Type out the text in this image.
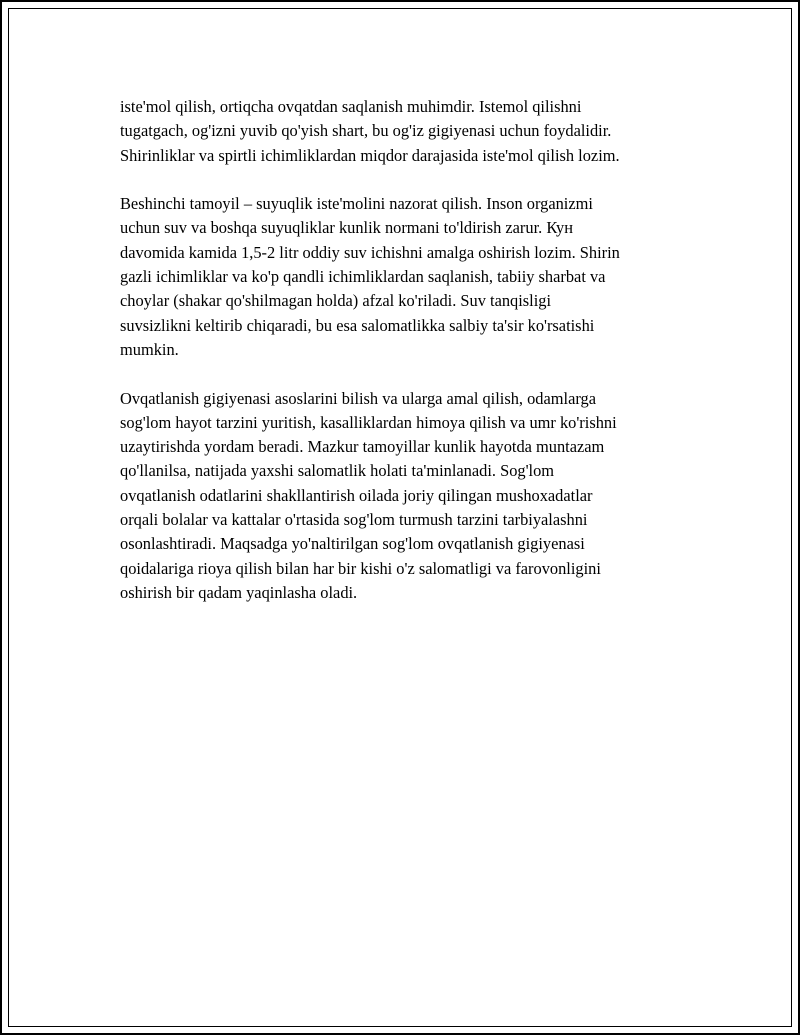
iste'mol qilish, ortiqcha ovqatdan saqlanish muhimdir. Istemol qilishni
tugatgach, og'izni yuvib qo'yish shart, bu og'iz gigiyenasi uchun foydalidir.
Shirinliklar va spirtli ichimliklardan miqdor darajasida iste'mol qilish lozim.

Beshinchi tamoyil – suyuqlik iste'molini nazorat qilish. Inson organizmi
uchun suv va boshqa suyuqliklar kunlik normani to'ldirish zarur. Кун
davomida kamida 1,5-2 litr oddiy suv ichishni amalga oshirish lozim. Shirin
gazli ichimliklar va ko'p qandli ichimliklardan saqlanish, tabiiy sharbat va
choylar (shakar qo'shilmagan holda) afzal ko'riladi. Suv tanqisligi
suvsizlikni keltirib chiqaradi, bu esa salomatlikka salbiy ta'sir ko'rsatishi
mumkin.

Ovqatlanish gigiyenasi asoslarini bilish va ularga amal qilish, odamlarga
sog'lom hayot tarzini yuritish, kasalliklardan himoya qilish va umr ko'rishni
uzaytirishda yordam beradi. Mazkur tamoyillar kunlik hayotda muntazam
qo'llanilsa, natijada yaxshi salomatlik holati ta'minlanadi. Sog'lom
ovqatlanish odatlarini shakllantirish oilada joriy qilingan mushoxadatlar
orqali bolalar va kattalar o'rtasida sog'lom turmush tarzini tarbiyalashni
osonlashtiradi. Maqsadga yo'naltirilgan sog'lom ovqatlanish gigiyenasi
qoidalariga rioya qilish bilan har bir kishi o'z salomatligi va farovonligini
oshirish bir qadam yaqinlasha oladi.
